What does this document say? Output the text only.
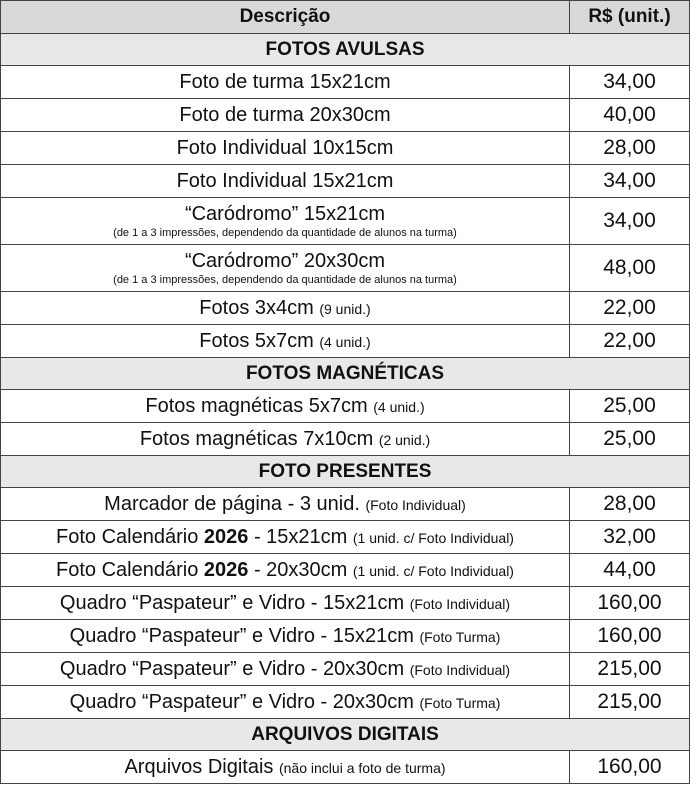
Descrição	R$ (unit.)
FOTOS AVULSAS	
Foto de turma 15x21cm	34,00
Foto de turma 20x30cm	40,00
Foto Individual 10x15cm	28,00
Foto Individual 15x21cm	34,00

“Caródromo” 15x21cm
(de 1 a 3 impressões, dependendo da quantidade de alunos na turma)	34,00

“Caródromo” 20x30cm
(de 1 a 3 impressões, dependendo da quantidade de alunos na turma)	48,00
Fotos 3x4cm (9 unid.)	22,00
Fotos 5x7cm (4 unid.)	22,00
FOTOS MAGNÉTICAS	
Fotos magnéticas 5x7cm (4 unid.)	25,00
Fotos magnéticas 7x10cm (2 unid.)	25,00
FOTO PRESENTES	
Marcador de página - 3 unid. (Foto Individual)	28,00
Foto Calendário 2026 - 15x21cm (1 unid. c/ Foto Individual)	32,00
Foto Calendário 2026 - 20x30cm (1 unid. c/ Foto Individual)	44,00
Quadro “Paspateur” e Vidro - 15x21cm (Foto Individual)	160,00
Quadro “Paspateur” e Vidro - 15x21cm (Foto Turma)	160,00
Quadro “Paspateur” e Vidro - 20x30cm (Foto Individual)	215,00
Quadro “Paspateur” e Vidro - 20x30cm (Foto Turma)	215,00
ARQUIVOS DIGITAIS	
Arquivos Digitais (não inclui a foto de turma)	160,00
